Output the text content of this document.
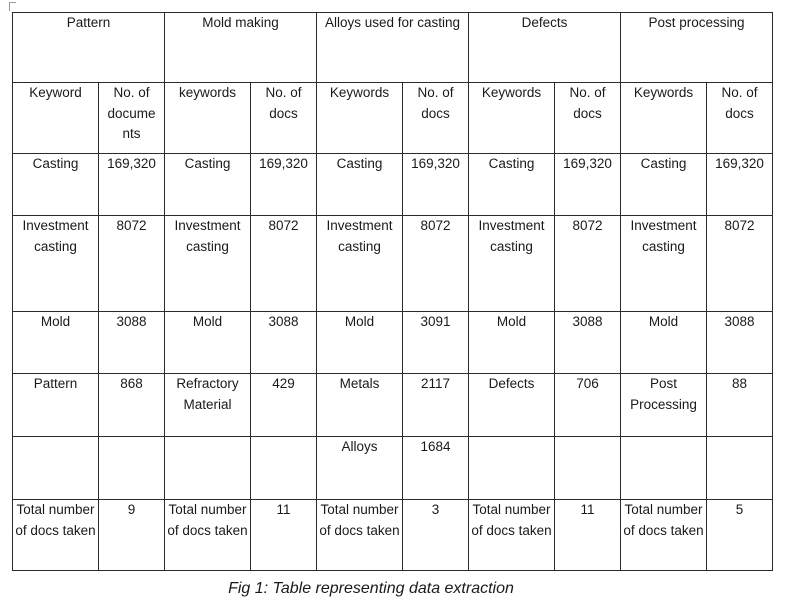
Pattern		Mold making		Alloys used for casting		Defects		Post processing	
Keyword	No. of docume nts	keywords	No. of docs	Keywords	No. of docs	Keywords	No. of docs	Keywords	No. of docs
Casting	169,320	Casting	169,320	Casting	169,320	Casting	169,320	Casting	169,320
Investment casting	8072	Investment casting	8072	Investment casting	8072	Investment casting	8072	Investment casting	8072
Mold	3088	Mold	3088	Mold	3091	Mold	3088	Mold	3088
Pattern	868	Refractory Material	429	Metals	2117	Defects	706	Post Processing	88
				Alloys	1684				
Total number of docs taken	9	Total number of docs taken	11	Total number of docs taken	3	Total number of docs taken	11	Total number of docs taken	5
Fig 1: Table representing data extraction
